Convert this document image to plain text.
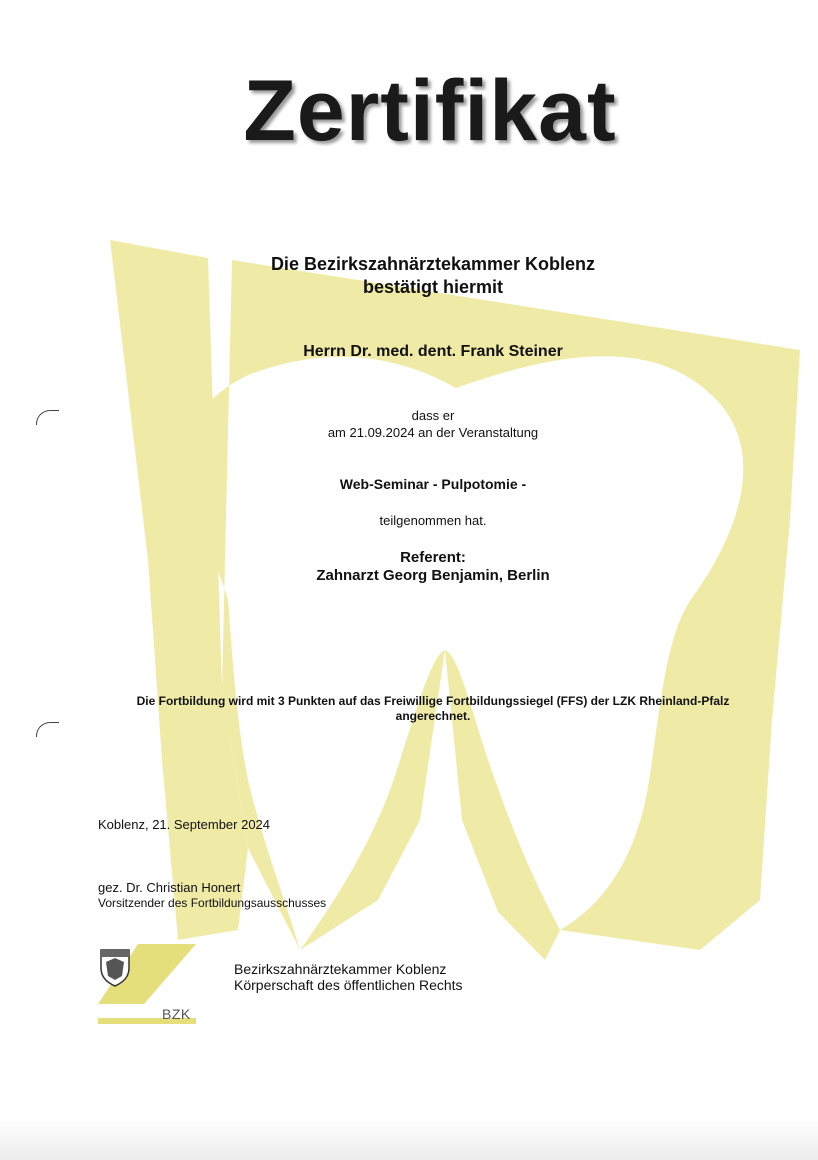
Zertifikat
Die Bezirkszahnärztekammer Koblenz
bestätigt hiermit
Herrn Dr. med. dent. Frank Steiner
dass er
am 21.09.2024 an der Veranstaltung
Web-Seminar - Pulpotomie -
teilgenommen hat.
Referent:
Zahnarzt Georg Benjamin, Berlin
Die Fortbildung wird mit 3 Punkten auf das Freiwillige Fortbildungssiegel (FFS) der LZK Rheinland-Pfalz
angerechnet.
Koblenz, 21. September 2024
gez. Dr. Christian Honert
Vorsitzender des Fortbildungsausschusses
BZK
Bezirkszahnärztekammer Koblenz
Körperschaft des öffentlichen Rechts
